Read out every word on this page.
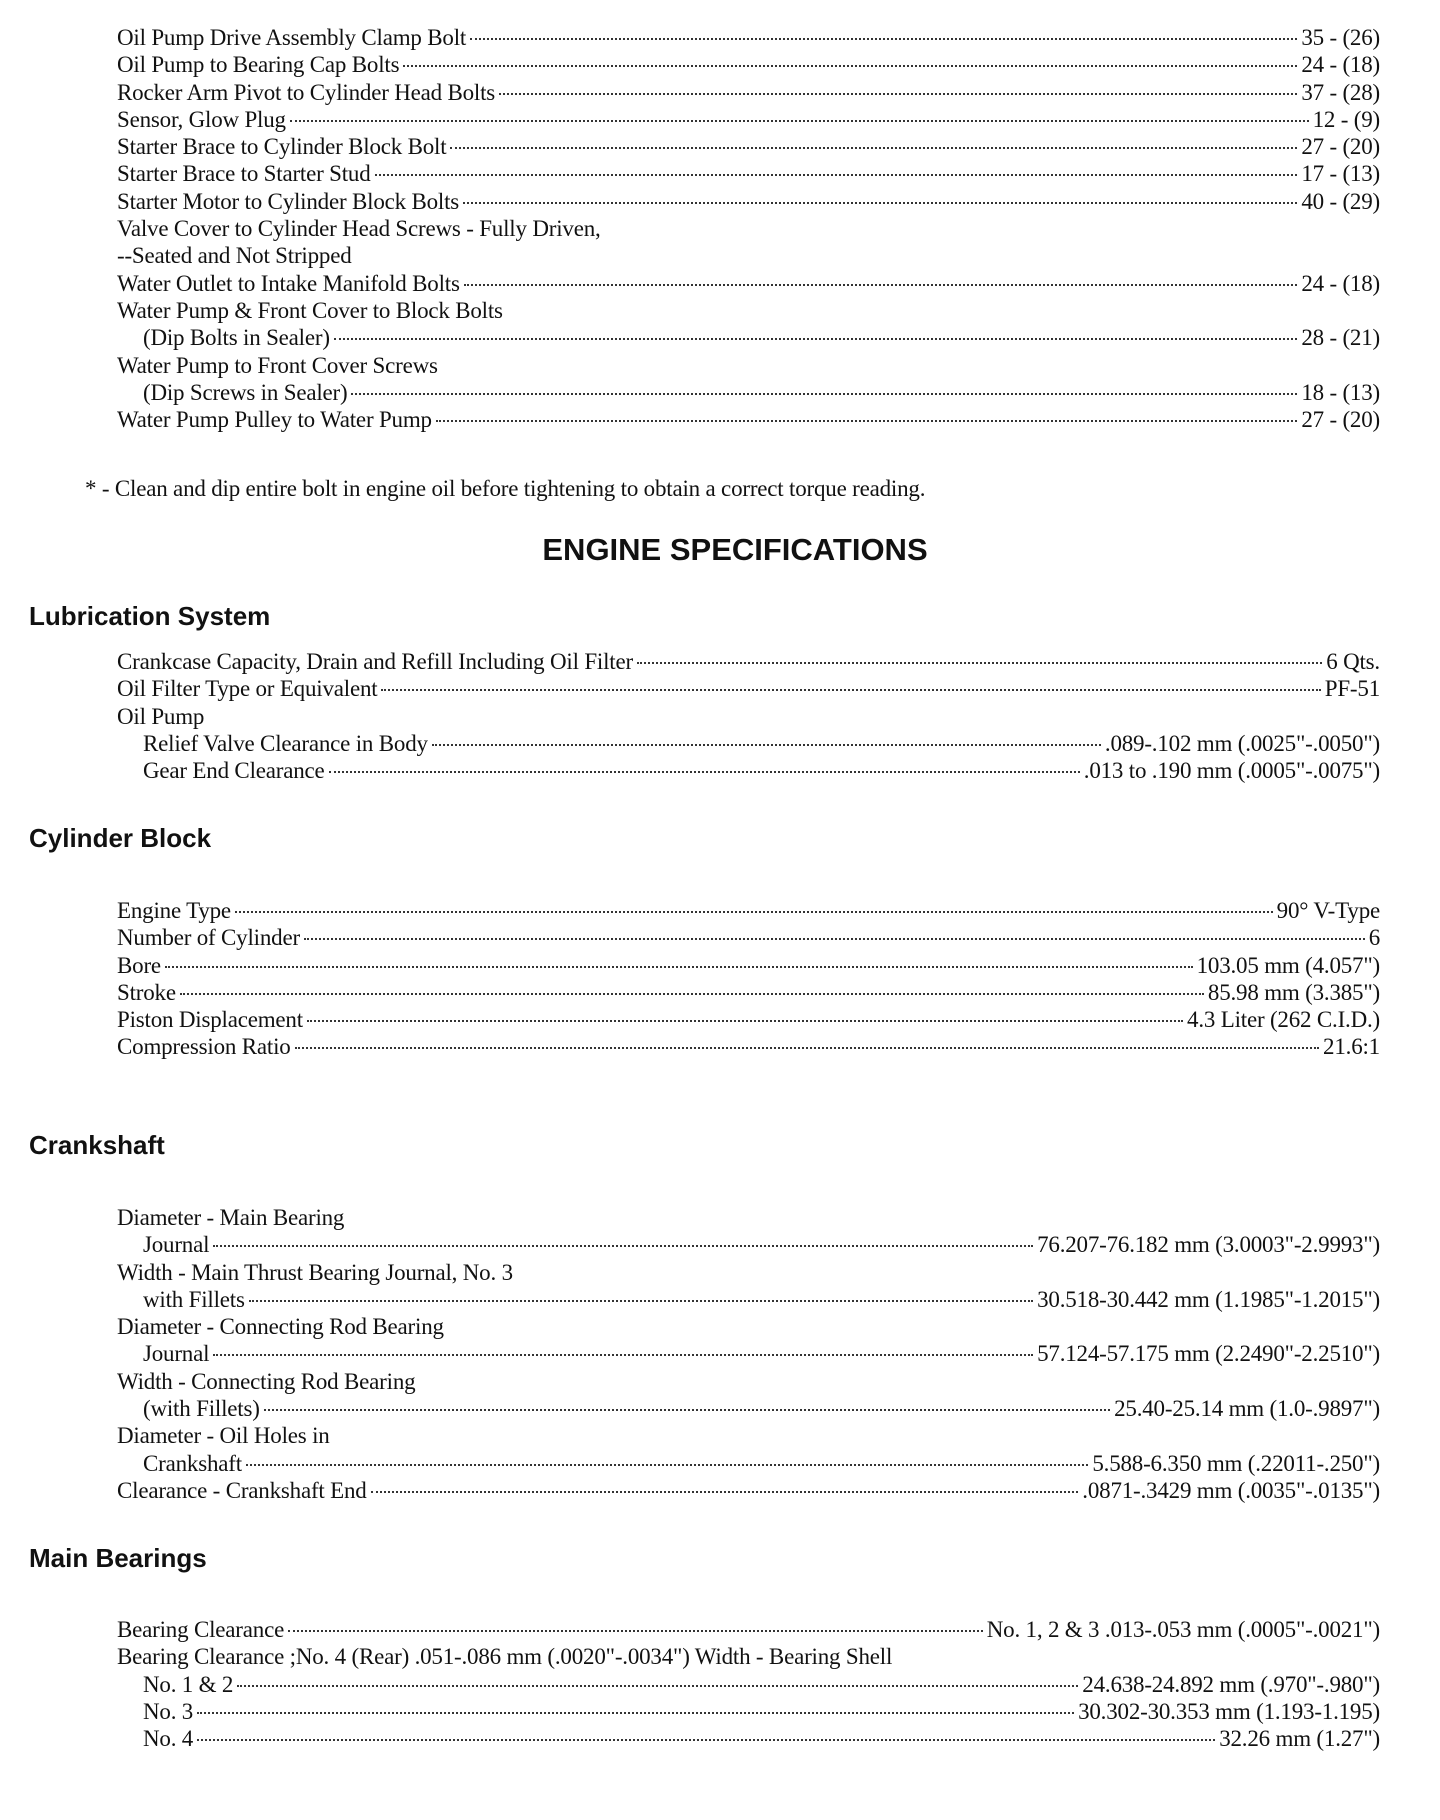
Oil Pump Drive Assembly Clamp Bolt	35 - (26)
Oil Pump to Bearing Cap Bolts	24 - (18)
Rocker Arm Pivot to Cylinder Head Bolts	37 - (28)
Sensor, Glow Plug	12 - (9)
Starter Brace to Cylinder Block Bolt	27 - (20)
Starter Brace to Starter Stud	17 - (13)
Starter Motor to Cylinder Block Bolts	40 - (29)
Valve Cover to Cylinder Head Screws - Fully Driven,
--Seated and Not Stripped
Water Outlet to Intake Manifold Bolts	24 - (18)
Water Pump & Front Cover to Block Bolts
(Dip Bolts in Sealer)	28 - (21)
Water Pump to Front Cover Screws
(Dip Screws in Sealer)	18 - (13)
Water Pump Pulley to Water Pump	27 - (20)
* - Clean and dip entire bolt in engine oil before tightening to obtain a correct torque reading.
ENGINE SPECIFICATIONS
Lubrication System
Crankcase Capacity, Drain and Refill Including Oil Filter	6 Qts.
Oil Filter Type or Equivalent	PF-51
Oil Pump
Relief Valve Clearance in Body	.089-.102 mm (.0025"-.0050")
Gear End Clearance	.013 to .190 mm (.0005"-.0075")
Cylinder Block
Engine Type	90° V-Type
Number of Cylinder	6
Bore	103.05 mm (4.057")
Stroke	85.98 mm (3.385")
Piston Displacement	4.3 Liter (262 C.I.D.)
Compression Ratio	21.6:1
Crankshaft
Diameter - Main Bearing
Journal	76.207-76.182 mm (3.0003"-2.9993")
Width - Main Thrust Bearing Journal, No. 3
with Fillets	30.518-30.442 mm (1.1985"-1.2015")
Diameter - Connecting Rod Bearing
Journal	57.124-57.175 mm (2.2490"-2.2510")
Width - Connecting Rod Bearing
(with Fillets)	25.40-25.14 mm (1.0-.9897")
Diameter - Oil Holes in
Crankshaft	5.588-6.350 mm (.22011-.250")
Clearance - Crankshaft End	.0871-.3429 mm (.0035"-.0135")
Main Bearings
Bearing Clearance	No. 1, 2 & 3 .013-.053 mm (.0005"-.0021")
Bearing Clearance ;No. 4 (Rear) .051-.086 mm (.0020"-.0034") Width - Bearing Shell
No. 1 & 2	24.638-24.892 mm (.970"-.980")
No. 3	30.302-30.353 mm (1.193-1.195)
No. 4	32.26 mm (1.27")
